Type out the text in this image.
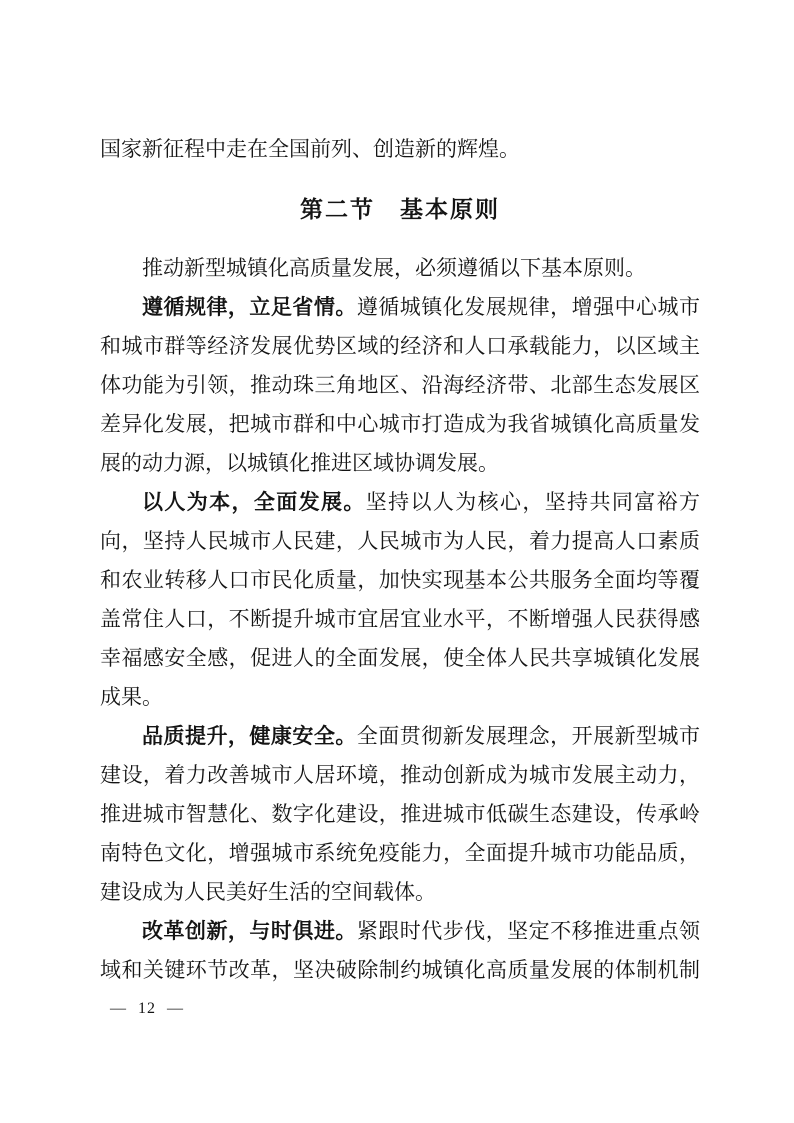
国家新征程中走在全国前列、创造新的辉煌。
第二节　基本原则
推动新型城镇化高质量发展，必须遵循以下基本原则。
遵循规律，立足省情。遵循城镇化发展规律，增强中心城市
和城市群等经济发展优势区域的经济和人口承载能力，以区域主
体功能为引领，推动珠三角地区、沿海经济带、北部生态发展区
差异化发展，把城市群和中心城市打造成为我省城镇化高质量发
展的动力源，以城镇化推进区域协调发展。
以人为本，全面发展。坚持以人为核心，坚持共同富裕方
向，坚持人民城市人民建，人民城市为人民，着力提高人口素质
和农业转移人口市民化质量，加快实现基本公共服务全面均等覆
盖常住人口，不断提升城市宜居宜业水平，不断增强人民获得感
幸福感安全感，促进人的全面发展，使全体人民共享城镇化发展
成果。
品质提升，健康安全。全面贯彻新发展理念，开展新型城市
建设，着力改善城市人居环境，推动创新成为城市发展主动力，
推进城市智慧化、数字化建设，推进城市低碳生态建设，传承岭
南特色文化，增强城市系统免疫能力，全面提升城市功能品质，
建设成为人民美好生活的空间载体。
改革创新，与时俱进。紧跟时代步伐，坚定不移推进重点领
域和关键环节改革，坚决破除制约城镇化高质量发展的体制机制
— 12 —
